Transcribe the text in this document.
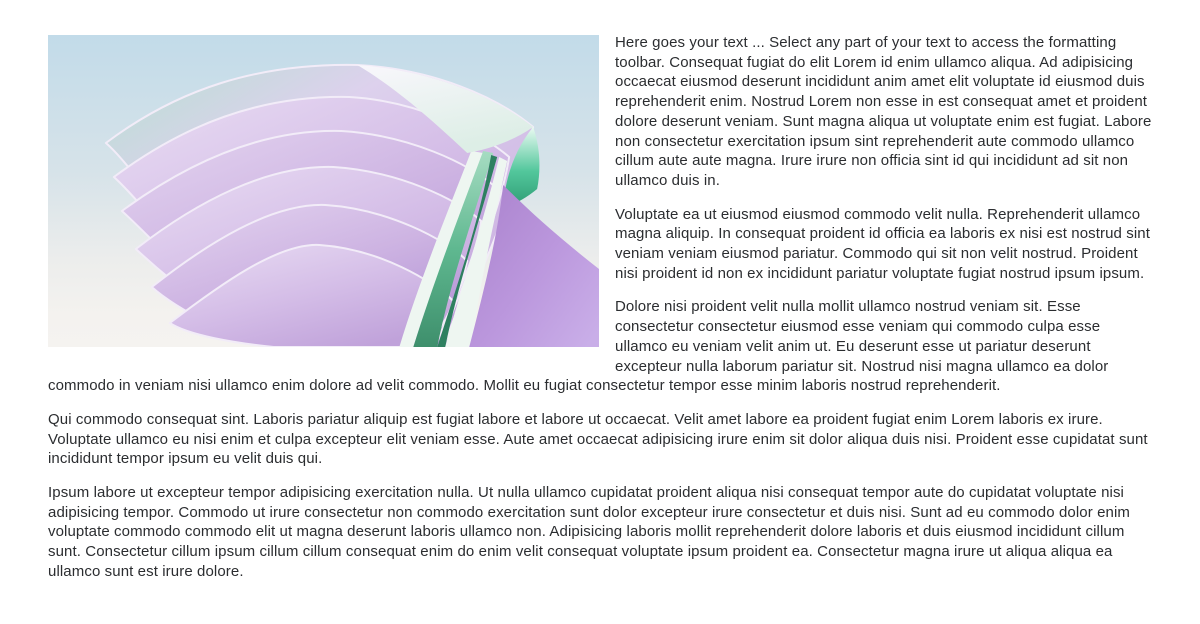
Here goes your text ... Select any part of your text to access the formatting toolbar. Consequat fugiat do elit Lorem id enim ullamco aliqua. Ad adipisicing occaecat eiusmod deserunt incididunt anim amet elit voluptate id eiusmod duis reprehenderit enim. Nostrud Lorem non esse in est consequat amet et proident dolore deserunt veniam. Sunt magna aliqua ut voluptate enim est fugiat. Labore non consectetur exercitation ipsum sint reprehenderit aute commodo ullamco cillum aute aute magna. Irure irure non officia sint id qui incididunt ad sit non ullamco duis in.

Voluptate ea ut eiusmod eiusmod commodo velit nulla. Reprehenderit ullamco magna aliquip. In consequat proident id officia ea laboris ex nisi est nostrud sint veniam veniam eiusmod pariatur. Commodo qui sit non velit nostrud. Proident nisi proident id non ex incididunt pariatur voluptate fugiat nostrud ipsum ipsum.

Dolore nisi proident velit nulla mollit ullamco nostrud veniam sit. Esse consectetur consectetur eiusmod esse veniam qui commodo culpa esse ullamco eu veniam velit anim ut. Eu deserunt esse ut pariatur deserunt excepteur nulla laborum pariatur sit. Nostrud nisi magna ullamco ea dolor commodo in veniam nisi ullamco enim dolore ad velit commodo. Mollit eu fugiat consectetur tempor esse minim laboris nostrud reprehenderit.

Qui commodo consequat sint. Laboris pariatur aliquip est fugiat labore et labore ut occaecat. Velit amet labore ea proident fugiat enim Lorem laboris ex irure. Voluptate ullamco eu nisi enim et culpa excepteur elit veniam esse. Aute amet occaecat adipisicing irure enim sit dolor aliqua duis nisi. Proident esse cupidatat sunt incididunt tempor ipsum eu velit duis qui.

Ipsum labore ut excepteur tempor adipisicing exercitation nulla. Ut nulla ullamco cupidatat proident aliqua nisi consequat tempor aute do cupidatat voluptate nisi adipisicing tempor. Commodo ut irure consectetur non commodo exercitation sunt dolor excepteur irure consectetur et duis nisi. Sunt ad eu commodo dolor enim voluptate commodo commodo elit ut magna deserunt laboris ullamco non. Adipisicing laboris mollit reprehenderit dolore laboris et duis eiusmod incididunt cillum sunt. Consectetur cillum ipsum cillum cillum consequat enim do enim velit consequat voluptate ipsum proident ea. Consectetur magna irure ut aliqua aliqua ea ullamco sunt est irure dolore.
